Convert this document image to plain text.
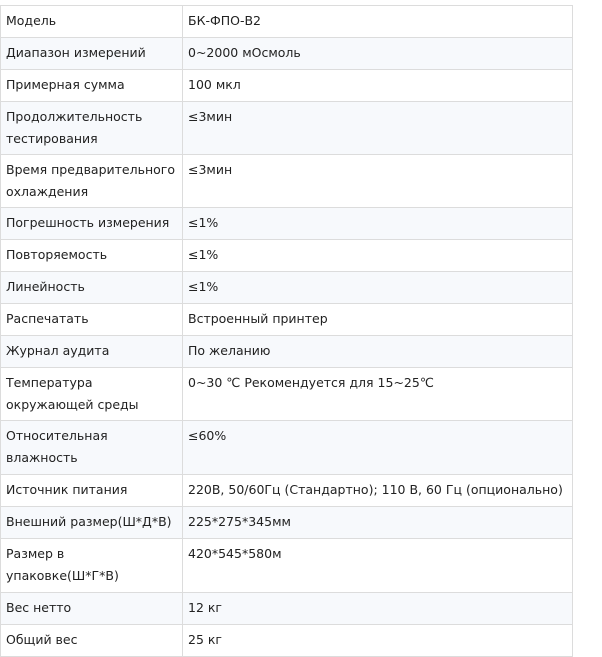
Модель	БК-ФПО-В2
Диапазон измерений	0~2000 мОсмоль
Примерная сумма	100 мкл
Продолжительность тестирования	≤3мин
Время предварительного охлаждения	≤3мин
Погрешность измерения	≤1%
Повторяемость	≤1%
Линейность	≤1%
Распечатать	Встроенный принтер
Журнал аудита	По желанию
Температура окружающей среды	0~30 ℃ Рекомендуется для 15~25℃
Относительная влажность	≤60%
Источник питания	220В, 50/60Гц (Стандартно); 110 В, 60 Гц (опционально)
Внешний размер(Ш*Д*В)	225*275*345мм
Размер в упаковке(Ш*Г*В)	420*545*580м
Вес нетто	12 кг
Общий вес	25 кг
